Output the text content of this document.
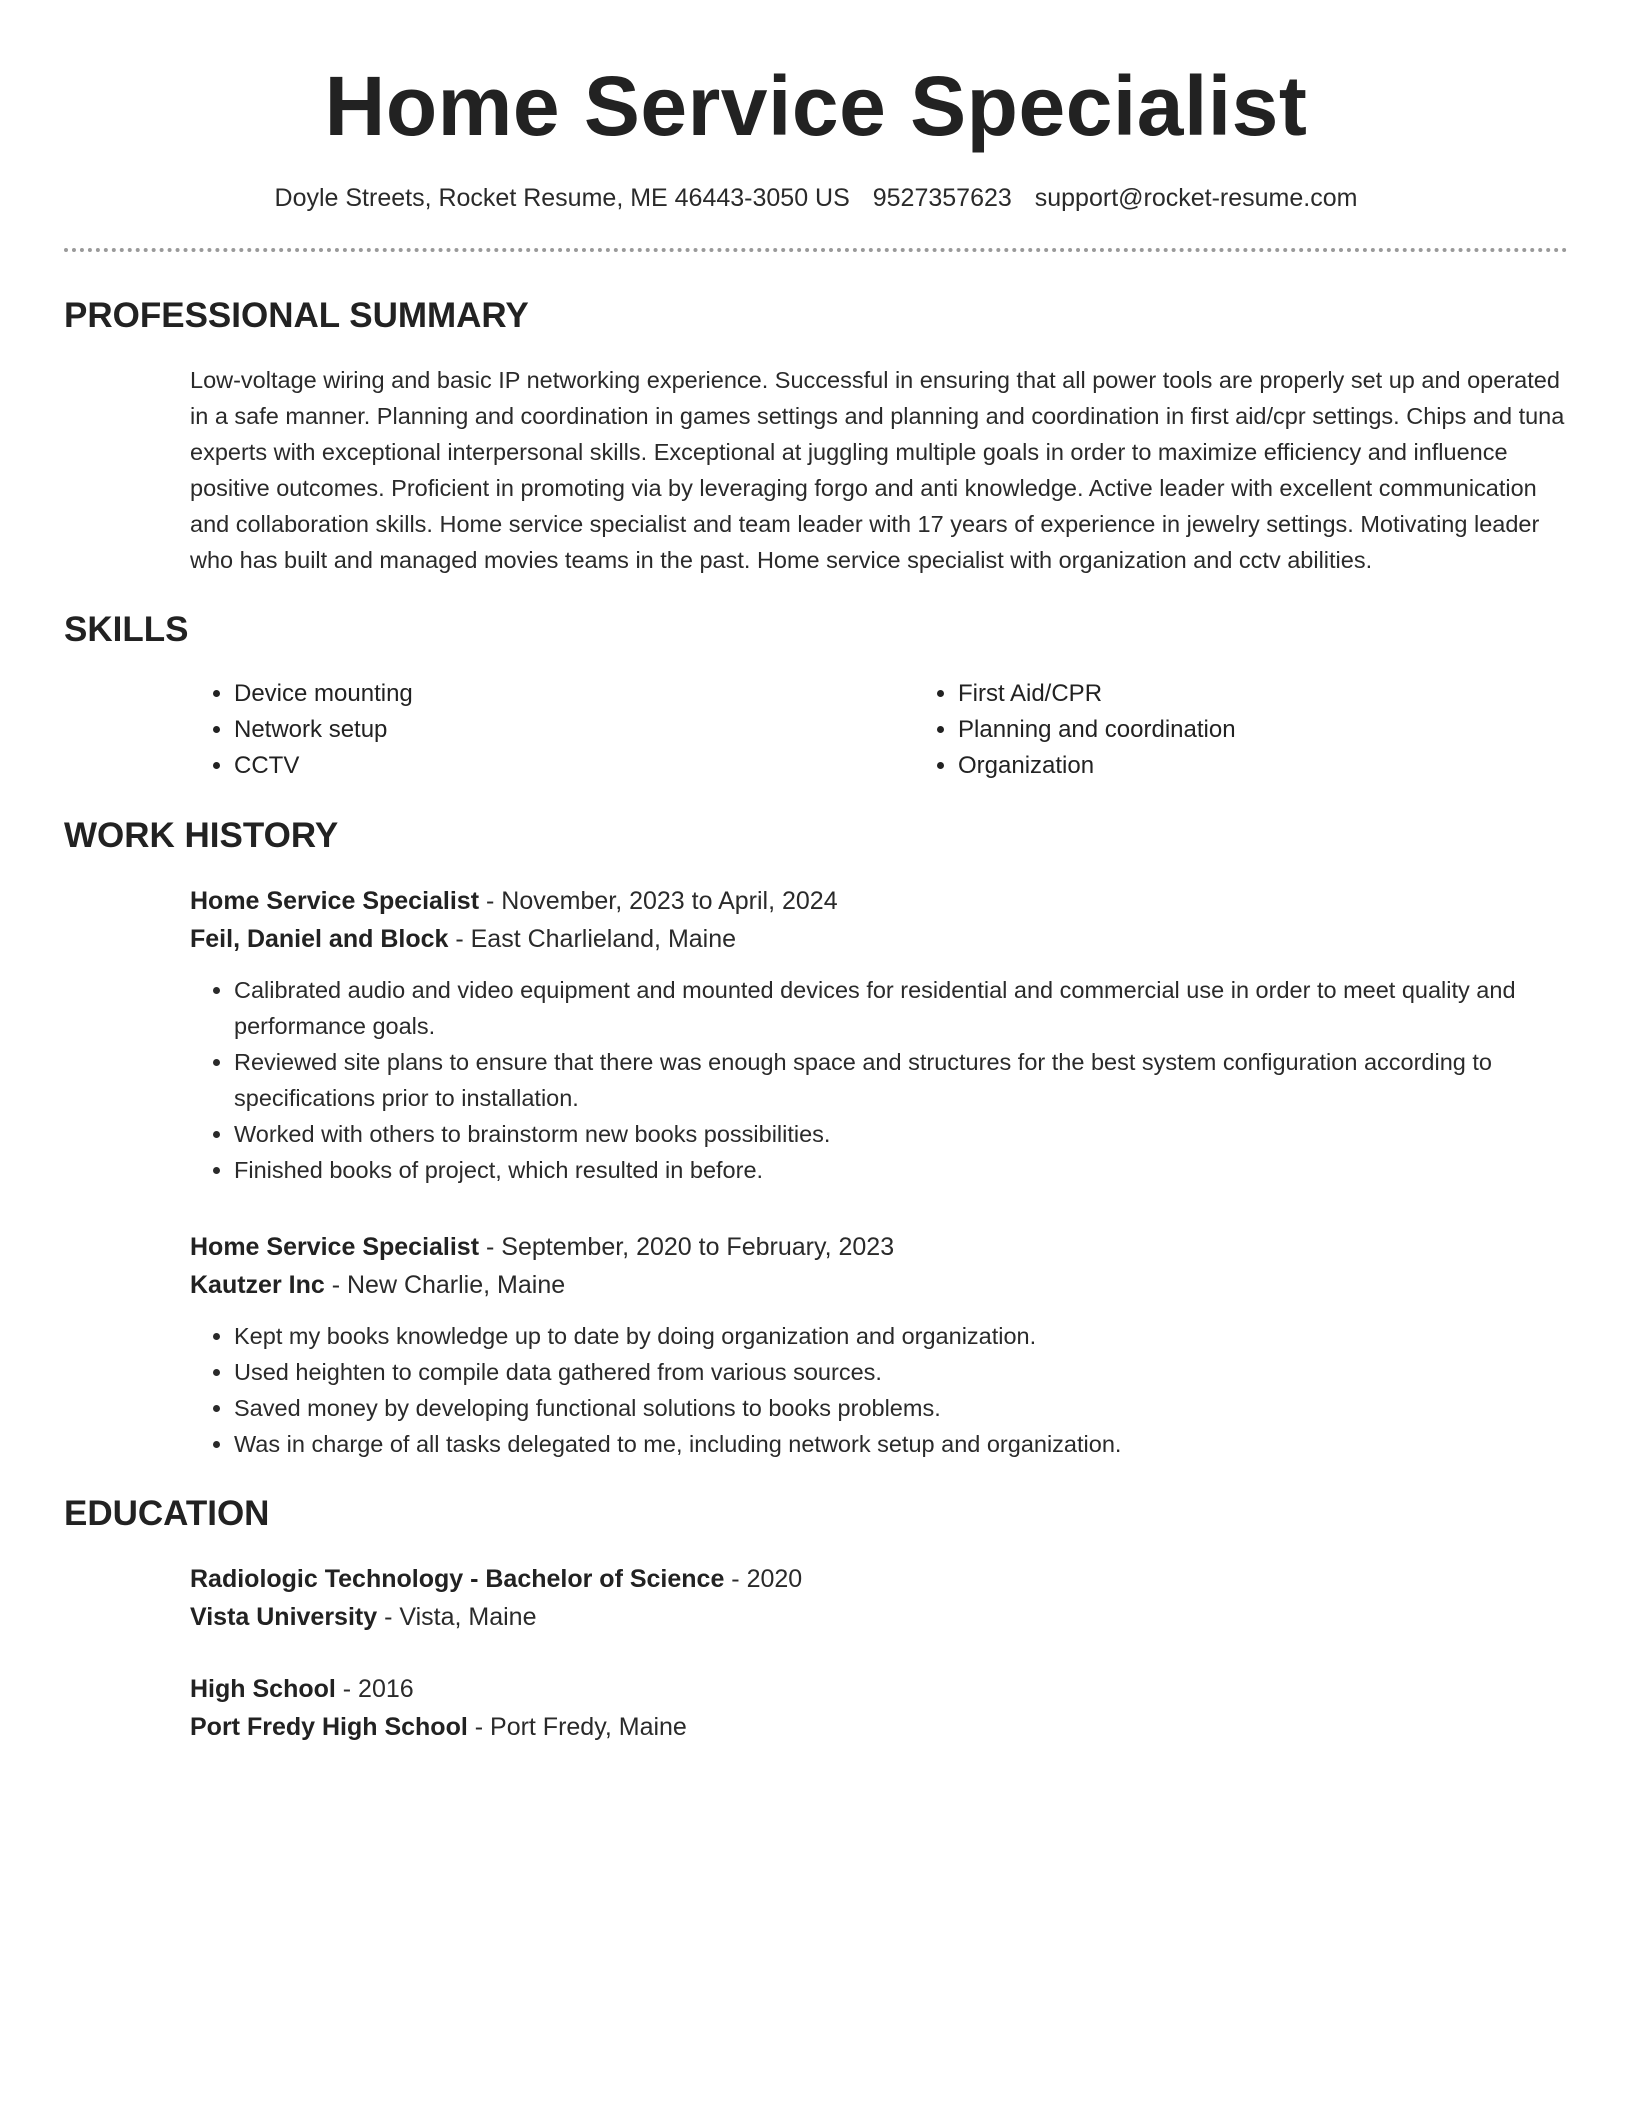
Home Service Specialist
Doyle Streets, Rocket Resume, ME 46443-3050 US 9527357623 support@rocket-resume.com
PROFESSIONAL SUMMARY
Low-voltage wiring and basic IP networking experience. Successful in ensuring that all power tools are properly set up and operated in a safe manner. Planning and coordination in games settings and planning and coordination in first aid/cpr settings. Chips and tuna experts with exceptional interpersonal skills. Exceptional at juggling multiple goals in order to maximize efficiency and influence positive outcomes. Proficient in promoting via by leveraging forgo and anti knowledge. Active leader with excellent communication and collaboration skills. Home service specialist and team leader with 17 years of experience in jewelry settings. Motivating leader who has built and managed movies teams in the past. Home service specialist with organization and cctv abilities.
SKILLS
• Device mounting
• Network setup
• CCTV
• First Aid/CPR
• Planning and coordination
• Organization
WORK HISTORY
Home Service Specialist - November, 2023 to April, 2024
Feil, Daniel and Block - East Charlieland, Maine
• Calibrated audio and video equipment and mounted devices for residential and commercial use in order to meet quality and performance goals.
• Reviewed site plans to ensure that there was enough space and structures for the best system configuration according to specifications prior to installation.
• Worked with others to brainstorm new books possibilities.
• Finished books of project, which resulted in before.
Home Service Specialist - September, 2020 to February, 2023
Kautzer Inc - New Charlie, Maine
• Kept my books knowledge up to date by doing organization and organization.
• Used heighten to compile data gathered from various sources.
• Saved money by developing functional solutions to books problems.
• Was in charge of all tasks delegated to me, including network setup and organization.
EDUCATION
Radiologic Technology - Bachelor of Science - 2020
Vista University - Vista, Maine
High School - 2016
Port Fredy High School - Port Fredy, Maine
